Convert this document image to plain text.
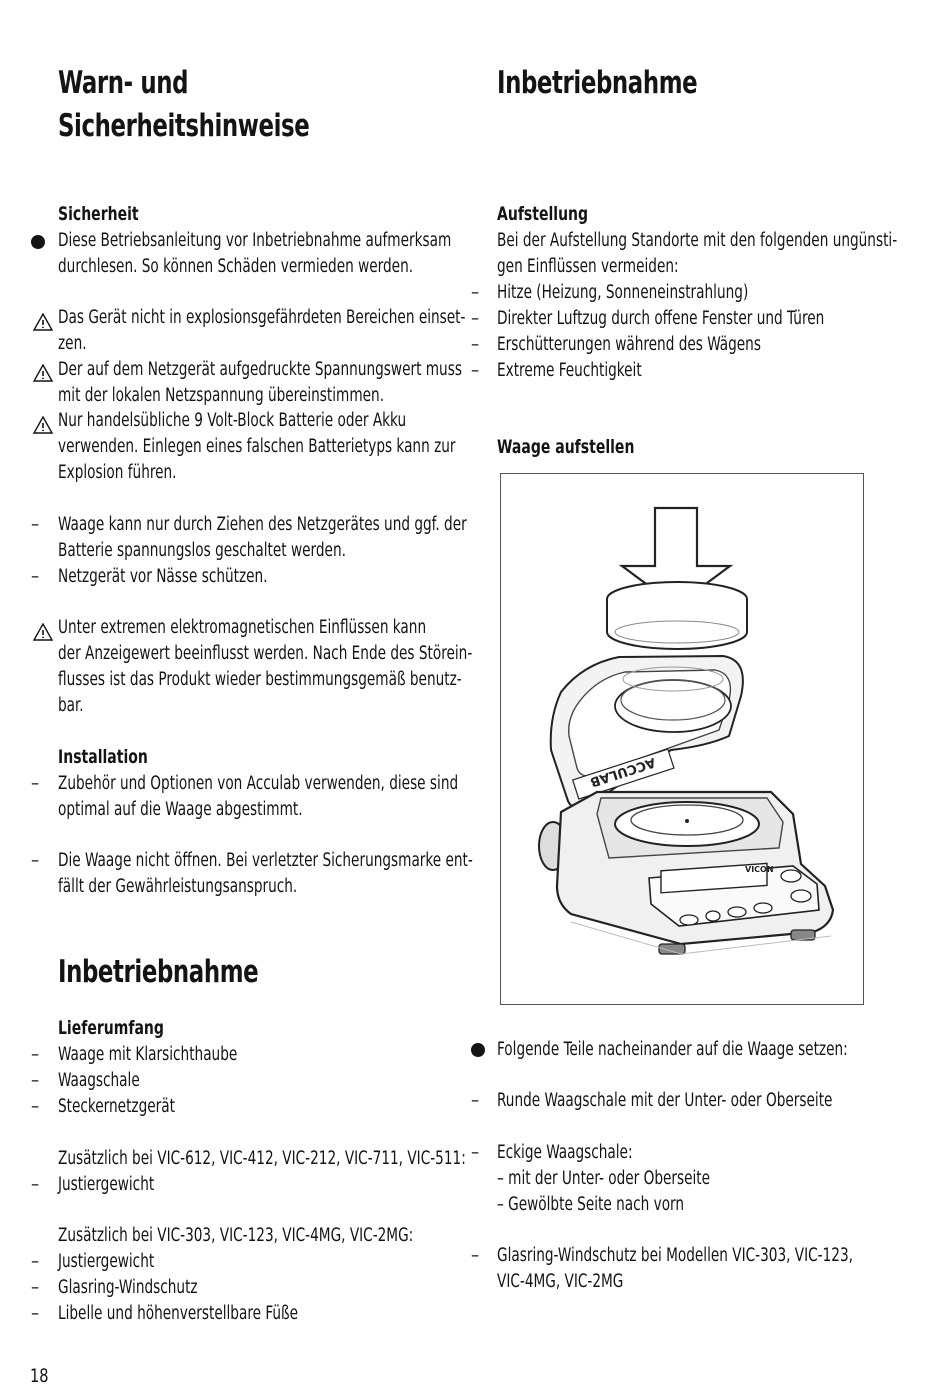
Warn- und
Sicherheitshinweise
Sicherheit
Diese Betriebsanleitung vor Inbetriebnahme aufmerksam
durchlesen. So können Schäden vermieden werden.
Das Gerät nicht in explosionsgefährdeten Bereichen einset-
zen.
Der auf dem Netzgerät aufgedruckte Spannungswert muss
mit der lokalen Netzspannung übereinstimmen.
Nur handelsübliche 9 Volt-Block Batterie oder Akku
verwenden. Einlegen eines falschen Batterietyps kann zur
Explosion führen.
– Waage kann nur durch Ziehen des Netzgerätes und ggf. der
Batterie spannungslos geschaltet werden.
– Netzgerät vor Nässe schützen.
Unter extremen elektromagnetischen Einflüssen kann
der Anzeigewert beeinflusst werden. Nach Ende des Störein-
flusses ist das Produkt wieder bestimmungsgemäß benutz-
bar.
Installation
– Zubehör und Optionen von Acculab verwenden, diese sind
optimal auf die Waage abgestimmt.
– Die Waage nicht öffnen. Bei verletzter Sicherungsmarke ent-
fällt der Gewährleistungsanspruch.
Inbetriebnahme
Lieferumfang
– Waage mit Klarsichthaube
– Waagschale
– Steckernetzgerät
Zusätzlich bei VIC-612, VIC-412, VIC-212, VIC-711, VIC-511:
– Justiergewicht
Zusätzlich bei VIC-303, VIC-123, VIC-4MG, VIC-2MG:
– Justiergewicht
– Glasring-Windschutz
– Libelle und höhenverstellbare Füße
18
Inbetriebnahme
Aufstellung
Bei der Aufstellung Standorte mit den folgenden ungünsti-
gen Einflüssen vermeiden:
– Hitze (Heizung, Sonneneinstrahlung)
– Direkter Luftzug durch offene Fenster und Türen
– Erschütterungen während des Wägens
– Extreme Feuchtigkeit
Waage aufstellen
ACCULAB
VICON
Folgende Teile nacheinander auf die Waage setzen:
– Runde Waagschale mit der Unter- oder Oberseite
– Eckige Waagschale:
– mit der Unter- oder Oberseite
– Gewölbte Seite nach vorn
– Glasring-Windschutz bei Modellen VIC-303, VIC-123,
VIC-4MG, VIC-2MG
